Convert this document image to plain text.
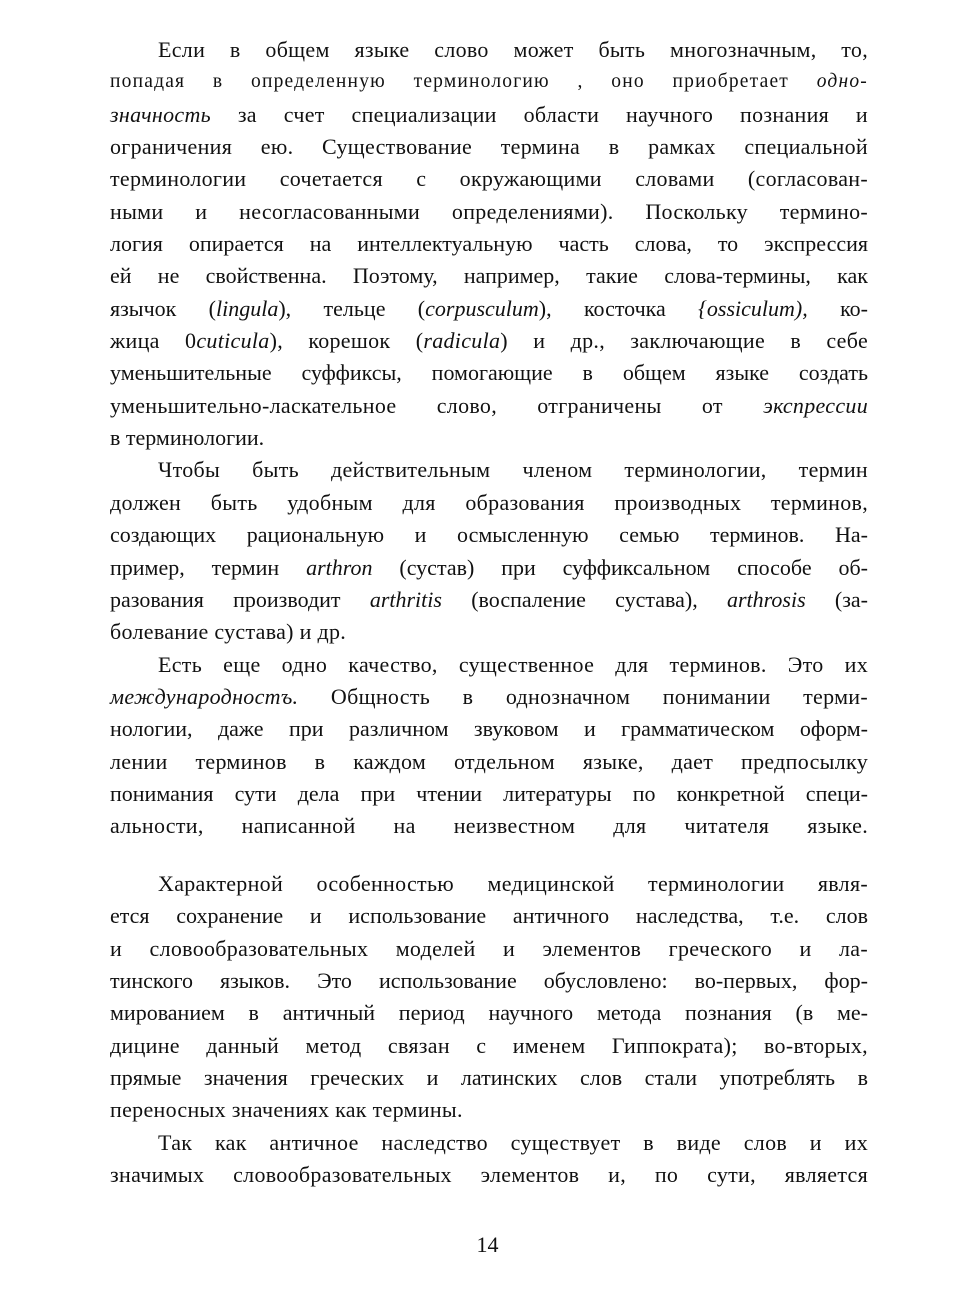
Если в общем языке слово может быть многозначным, то,
попадая в определенную терминологию , оно приобретает одно-
значность за счет специализации области научного познания и
ограничения ею. Существование термина в рамках специальной
терминологии сочетается с окружающими словами (согласован-
ными и несогласованными определениями). Поскольку термино-
логия опирается на интеллектуальную часть слова, то экспрессия
ей не свойственна. Поэтому, например, такие слова-термины, как
язычок (lingula), тельце (corpusculum), косточка {ossiculum), ко-
жица 0cuticula), корешок (radicula) и др., заключающие в себе
уменьшительные суффиксы, помогающие в общем языке создать
уменьшительно-ласкательное слово, отграничены от экспрессии
в терминологии.
Чтобы быть действительным членом терминологии, термин
должен быть удобным для образования производных терминов,
создающих рациональную и осмысленную семью терминов. На-
пример, термин arthron (сустав) при суффиксальном способе об-
разования производит arthritis (воспаление сустава), arthrosis (за-
болевание сустава) и др.
Есть еще одно качество, существенное для терминов. Это их
международностъ. Общность в однозначном понимании терми-
нологии, даже при различном звуковом и грамматическом оформ-
лении терминов в каждом отдельном языке, дает предпосылку
понимания сути дела при чтении литературы по конкретной специ-
альности, написанной на неизвестном для читателя языке.
Характерной особенностью медицинской терминологии явля-
ется сохранение и использование античного наследства, т.е. слов
и словообразовательных моделей и элементов греческого и ла-
тинского языков. Это использование обусловлено: во-первых, фор-
мированием в античный период научного метода познания (в ме-
дицине данный метод связан с именем Гиппократа); во-вторых,
прямые значения греческих и латинских слов стали употреблять в
переносных значениях как термины.
Так как античное наследство существует в виде слов и их
значимых словообразовательных элементов и, по сути, является
14
